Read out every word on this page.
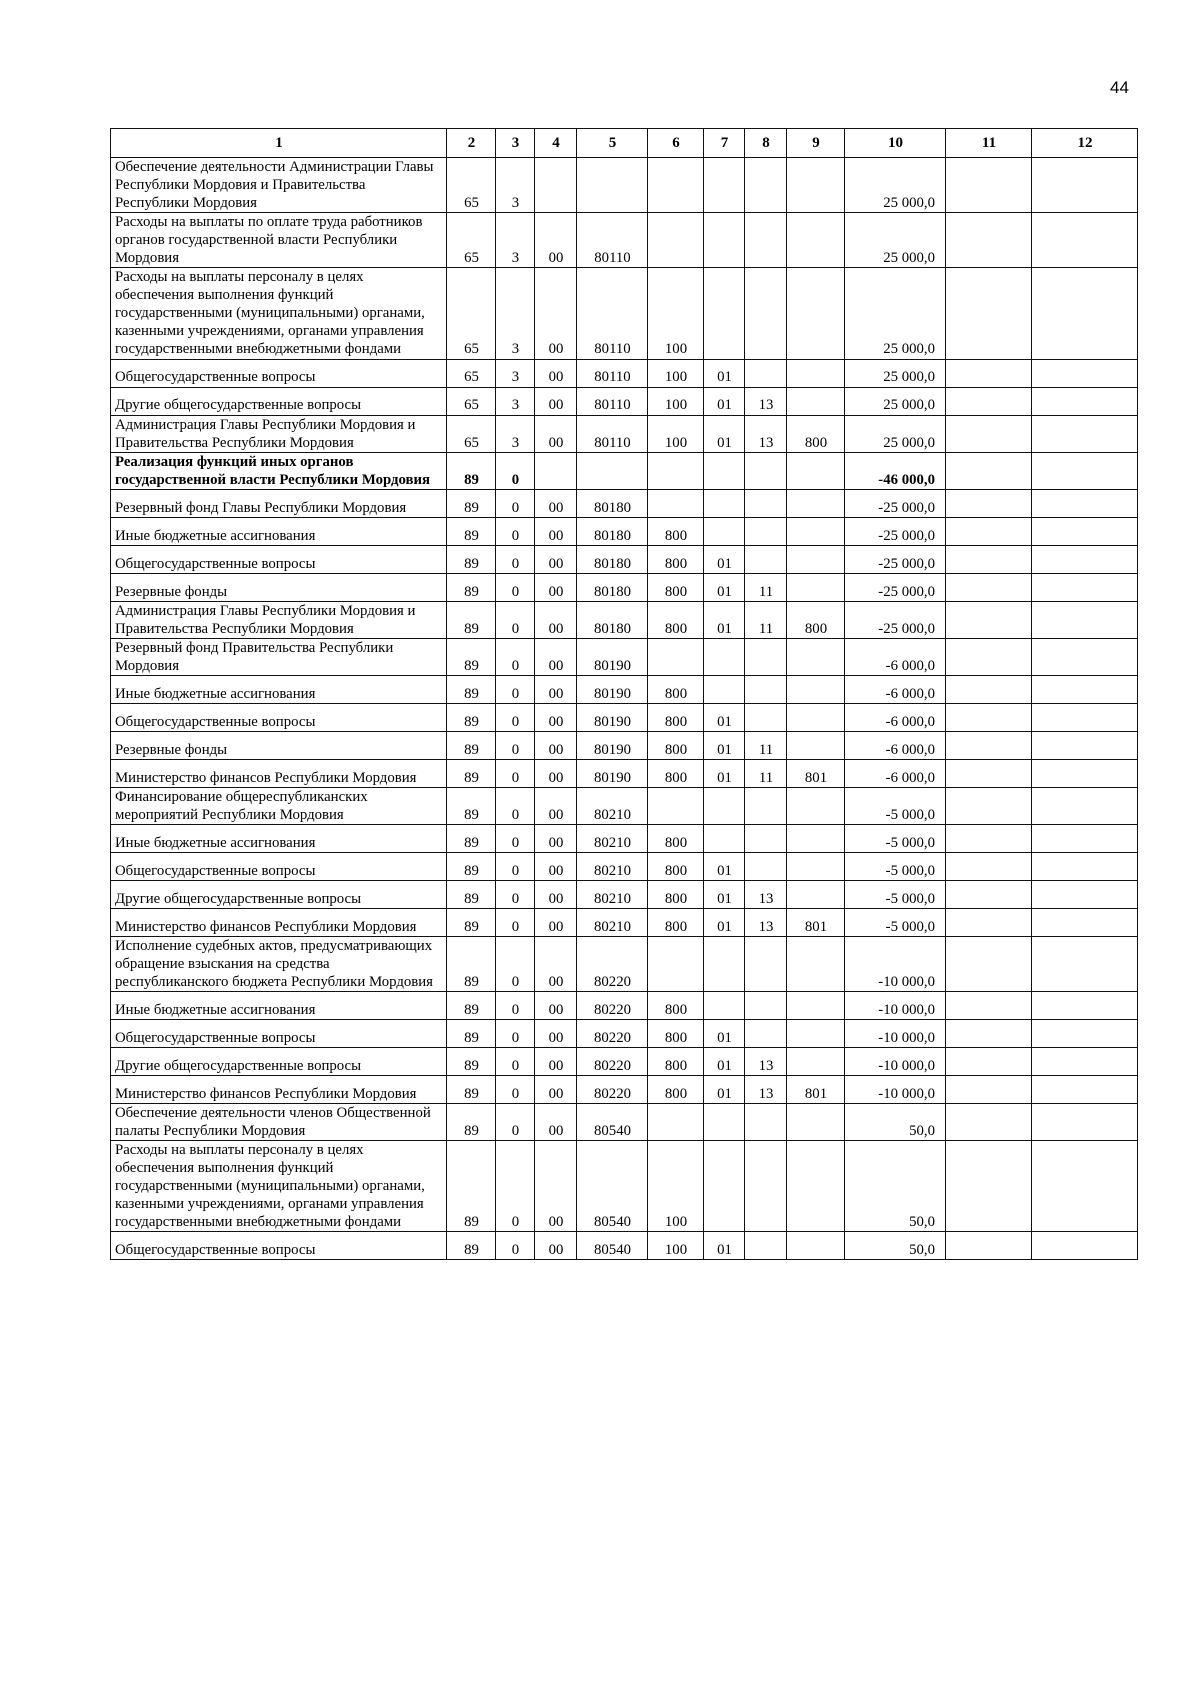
44
1	2	3	4	5	6	7	8	9	10	11	12
Обеспечение деятельности Администрации Главы Республики Мордовия и Правительства Республики Мордовия	65	3							25 000,0		
Расходы на выплаты по оплате труда работников органов государственной власти Республики Мордовия	65	3	00	80110					25 000,0		
Расходы на выплаты персоналу в целях обеспечения выполнения функций государственными (муниципальными) органами, казенными учреждениями, органами управления государственными внебюджетными фондами	65	3	00	80110	100				25 000,0		
Общегосударственные вопросы	65	3	00	80110	100	01			25 000,0		
Другие общегосударственные вопросы	65	3	00	80110	100	01	13		25 000,0		
Администрация Главы Республики Мордовия и Правительства Республики Мордовия	65	3	00	80110	100	01	13	800	25 000,0		
Реализация функций иных органов государственной власти Республики Мордовия	89	0							-46 000,0		
Резервный фонд Главы Республики Мордовия	89	0	00	80180					-25 000,0		
Иные бюджетные ассигнования	89	0	00	80180	800				-25 000,0		
Общегосударственные вопросы	89	0	00	80180	800	01			-25 000,0		
Резервные фонды	89	0	00	80180	800	01	11		-25 000,0		
Администрация Главы Республики Мордовия и Правительства Республики Мордовия	89	0	00	80180	800	01	11	800	-25 000,0		
Резервный фонд Правительства Республики Мордовия	89	0	00	80190					-6 000,0		
Иные бюджетные ассигнования	89	0	00	80190	800				-6 000,0		
Общегосударственные вопросы	89	0	00	80190	800	01			-6 000,0		
Резервные фонды	89	0	00	80190	800	01	11		-6 000,0		
Министерство финансов Республики Мордовия	89	0	00	80190	800	01	11	801	-6 000,0		
Финансирование общереспубликанских мероприятий Республики Мордовия	89	0	00	80210					-5 000,0		
Иные бюджетные ассигнования	89	0	00	80210	800				-5 000,0		
Общегосударственные вопросы	89	0	00	80210	800	01			-5 000,0		
Другие общегосударственные вопросы	89	0	00	80210	800	01	13		-5 000,0		
Министерство финансов Республики Мордовия	89	0	00	80210	800	01	13	801	-5 000,0		
Исполнение судебных актов, предусматривающих обращение взыскания на средства республиканского бюджета Республики Мордовия	89	0	00	80220					-10 000,0		
Иные бюджетные ассигнования	89	0	00	80220	800				-10 000,0		
Общегосударственные вопросы	89	0	00	80220	800	01			-10 000,0		
Другие общегосударственные вопросы	89	0	00	80220	800	01	13		-10 000,0		
Министерство финансов Республики Мордовия	89	0	00	80220	800	01	13	801	-10 000,0		
Обеспечение деятельности членов Общественной палаты Республики Мордовия	89	0	00	80540					50,0		
Расходы на выплаты персоналу в целях обеспечения выполнения функций государственными (муниципальными) органами, казенными учреждениями, органами управления государственными внебюджетными фондами	89	0	00	80540	100				50,0		
Общегосударственные вопросы	89	0	00	80540	100	01			50,0		
